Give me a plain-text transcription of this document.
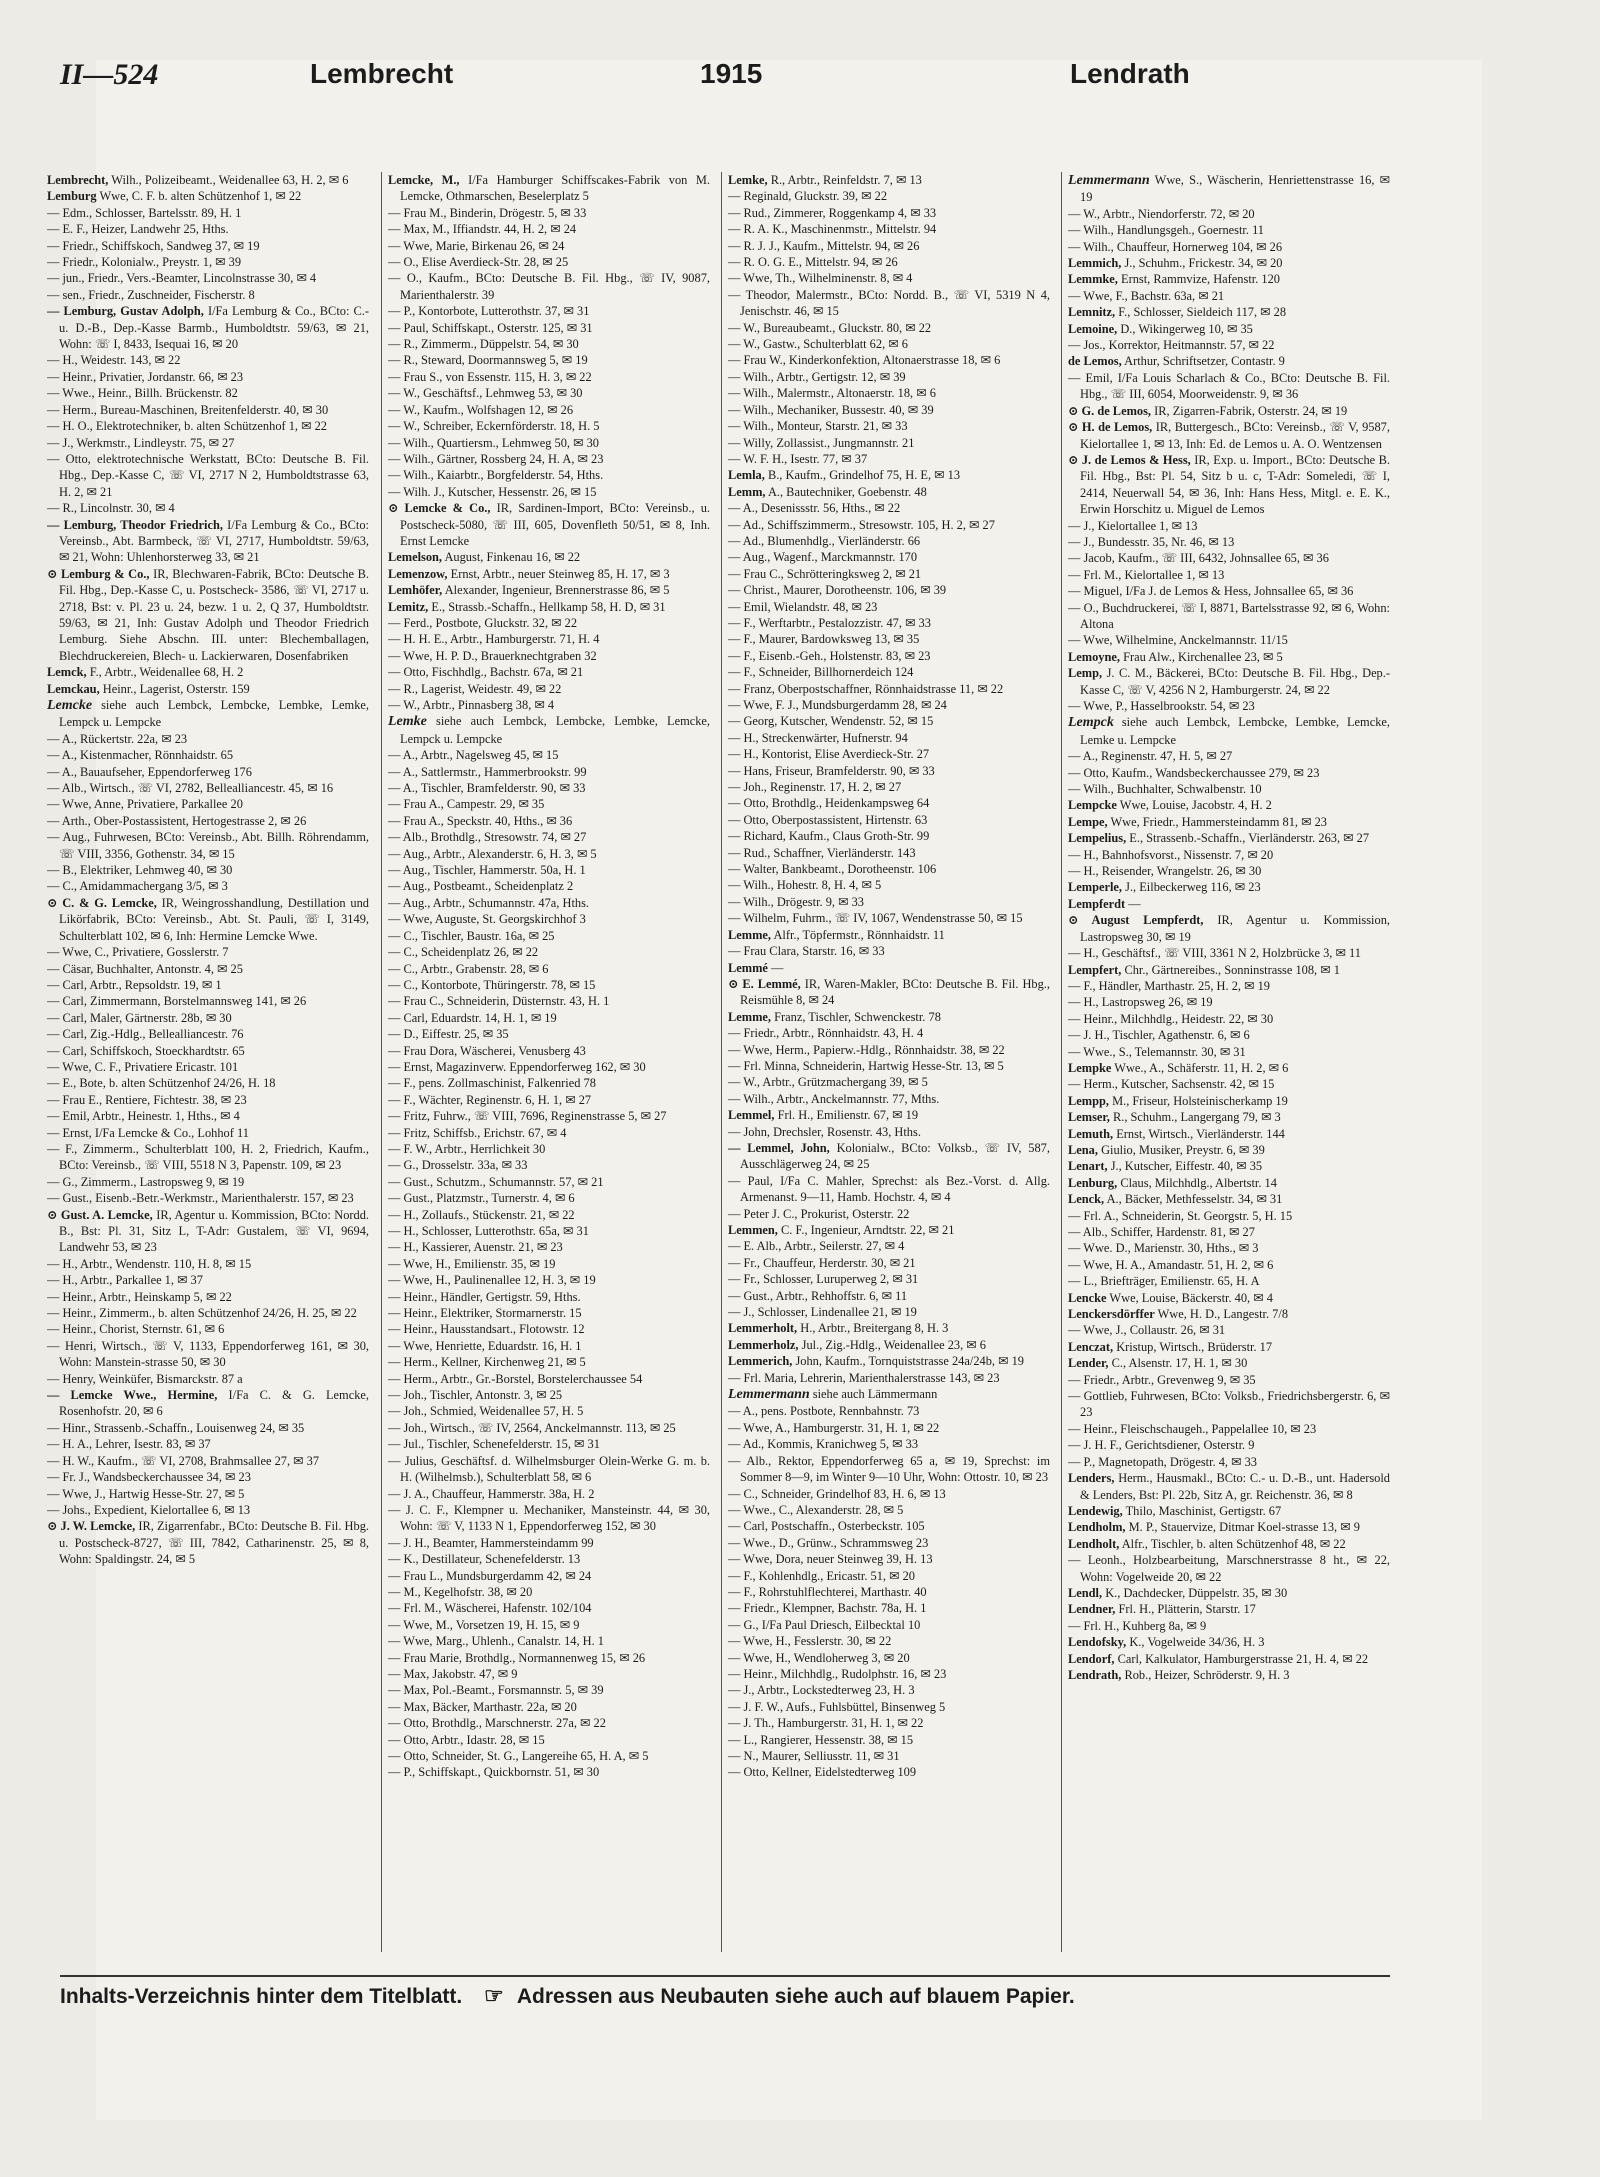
II—524	Lembrecht	1915	Lendrath

Lembrecht, Wilh., Polizeibeamt., Weidenallee 63, H. 2, ✉ 6

Lemburg Wwe, C. F. b. alten Schützenhof 1, ✉ 22

— Edm., Schlosser, Bartelsstr. 89, H. 1

— E. F., Heizer, Landwehr 25, Hths.

— Friedr., Schiffskoch, Sandweg 37, ✉ 19

— Friedr., Kolonialw., Preystr. 1, ✉ 39

— jun., Friedr., Vers.-Beamter, Lincolnstrasse 30, ✉ 4

— sen., Friedr., Zuschneider, Fischerstr. 8

— Lemburg, Gustav Adolph, I/Fa Lemburg & Co., BCto: C.- u. D.-B., Dep.-Kasse Barmb., Humboldtstr. 59/63, ✉ 21, Wohn: ☏ I, 8433, Isequai 16, ✉ 20

— H., Weidestr. 143, ✉ 22

— Heinr., Privatier, Jordanstr. 66, ✉ 23

— Wwe., Heinr., Billh. Brückenstr. 82

— Herm., Bureau-Maschinen, Breitenfelderstr. 40, ✉ 30

— H. O., Elektrotechniker, b. alten Schützenhof 1, ✉ 22

— J., Werkmstr., Lindleystr. 75, ✉ 27

— Otto, elektrotechnische Werkstatt, BCto: Deutsche B. Fil. Hbg., Dep.-Kasse C, ☏ VI, 2717 N 2, Humboldtstrasse 63, H. 2, ✉ 21

— R., Lincolnstr. 30, ✉ 4

— Lemburg, Theodor Friedrich, I/Fa Lemburg & Co., BCto: Vereinsb., Abt. Barmbeck, ☏ VI, 2717, Humboldtstr. 59/63, ✉ 21, Wohn: Uhlenhorsterweg 33, ✉ 21

⊙ Lemburg & Co., IR, Blechwaren-Fabrik, BCto: Deutsche B. Fil. Hbg., Dep.-Kasse C, u. Postscheck- 3586, ☏ VI, 2717 u. 2718, Bst: v. Pl. 23 u. 24, bezw. 1 u. 2, Q 37, Humboldtstr. 59/63, ✉ 21, Inh: Gustav Adolph und Theodor Friedrich Lemburg. Siehe Abschn. III. unter: Blechemballagen, Blechdruckereien, Blech- u. Lackierwaren, Dosenfabriken

Lemck, F., Arbtr., Weidenallee 68, H. 2

Lemckau, Heinr., Lagerist, Osterstr. 159

Lemcke siehe auch Lembck, Lembcke, Lembke, Lemke, Lempck u. Lempcke

— A., Rückertstr. 22a, ✉ 23

— A., Kistenmacher, Rönnhaidstr. 65

— A., Bauaufseher, Eppendorferweg 176

— Alb., Wirtsch., ☏ VI, 2782, Bellealliancestr. 45, ✉ 16

— Wwe, Anne, Privatiere, Parkallee 20

— Arth., Ober-Postassistent, Hertogestrasse 2, ✉ 26

— Aug., Fuhrwesen, BCto: Vereinsb., Abt. Billh. Röhrendamm, ☏ VIII, 3356, Gothenstr. 34, ✉ 15

— B., Elektriker, Lehmweg 40, ✉ 30

— C., Amidammachergang 3/5, ✉ 3

⊙ C. & G. Lemcke, IR, Weingrosshandlung, Destillation und Likörfabrik, BCto: Vereinsb., Abt. St. Pauli, ☏ I, 3149, Schulterblatt 102, ✉ 6, Inh: Hermine Lemcke Wwe.

— Wwe, C., Privatiere, Gosslerstr. 7

— Cäsar, Buchhalter, Antonstr. 4, ✉ 25

— Carl, Arbtr., Repsoldstr. 19, ✉ 1

— Carl, Zimmermann, Borstelmannsweg 141, ✉ 26

— Carl, Maler, Gärtnerstr. 28b, ✉ 30

— Carl, Zig.-Hdlg., Bellealliancestr. 76

— Carl, Schiffskoch, Stoeckhardtstr. 65

— Wwe, C. F., Privatiere Ericastr. 101

— E., Bote, b. alten Schützenhof 24/26, H. 18

— Frau E., Rentiere, Fichtestr. 38, ✉ 23

— Emil, Arbtr., Heinestr. 1, Hths., ✉ 4

— Ernst, I/Fa Lemcke & Co., Lohhof 11

— F., Zimmerm., Schulterblatt 100, H. 2, Friedrich, Kaufm., BCto: Vereinsb., ☏ VIII, 5518 N 3, Papenstr. 109, ✉ 23

— G., Zimmerm., Lastropsweg 9, ✉ 19

— Gust., Eisenb.-Betr.-Werkmstr., Marienthalerstr. 157, ✉ 23

⊙ Gust. A. Lemcke, IR, Agentur u. Kommission, BCto: Nordd. B., Bst: Pl. 31, Sitz L, T-Adr: Gustalem, ☏ VI, 9694, Landwehr 53, ✉ 23

— H., Arbtr., Wendenstr. 110, H. 8, ✉ 15

— H., Arbtr., Parkallee 1, ✉ 37

— Heinr., Arbtr., Heinskamp 5, ✉ 22

— Heinr., Zimmerm., b. alten Schützenhof 24/26, H. 25, ✉ 22

— Heinr., Chorist, Sternstr. 61, ✉ 6

— Henri, Wirtsch., ☏ V, 1133, Eppendorferweg 161, ✉ 30, Wohn: Manstein-strasse 50, ✉ 30

— Henry, Weinküfer, Bismarckstr. 87 a

— Lemcke Wwe., Hermine, I/Fa C. & G. Lemcke, Rosenhofstr. 20, ✉ 6

— Hinr., Strassenb.-Schaffn., Louisenweg 24, ✉ 35

— H. A., Lehrer, Isestr. 83, ✉ 37

— H. W., Kaufm., ☏ VI, 2708, Brahmsallee 27, ✉ 37

— Fr. J., Wandsbeckerchaussee 34, ✉ 23

— Wwe, J., Hartwig Hesse-Str. 27, ✉ 5

— Johs., Expedient, Kielortallee 6, ✉ 13

⊙ J. W. Lemcke, IR, Zigarrenfabr., BCto: Deutsche B. Fil. Hbg. u. Postscheck-8727, ☏ III, 7842, Catharinenstr. 25, ✉ 8, Wohn: Spaldingstr. 24, ✉ 5

Lemcke, M., I/Fa Hamburger Schiffscakes-Fabrik von M. Lemcke, Othmarschen, Beselerplatz 5

— Frau M., Binderin, Drögestr. 5, ✉ 33

— Max, M., Iffiandstr. 44, H. 2, ✉ 24

— Wwe, Marie, Birkenau 26, ✉ 24

— O., Elise Averdieck-Str. 28, ✉ 25

— O., Kaufm., BCto: Deutsche B. Fil. Hbg., ☏ IV, 9087, Marienthalerstr. 39

— P., Kontorbote, Lutterothstr. 37, ✉ 31

— Paul, Schiffskapt., Osterstr. 125, ✉ 31

— R., Zimmerm., Düppelstr. 54, ✉ 30

— R., Steward, Doormannsweg 5, ✉ 19

— Frau S., von Essenstr. 115, H. 3, ✉ 22

— W., Geschäftsf., Lehmweg 53, ✉ 30

— W., Kaufm., Wolfshagen 12, ✉ 26

— W., Schreiber, Eckernförderstr. 18, H. 5

— Wilh., Quartiersm., Lehmweg 50, ✉ 30

— Wilh., Gärtner, Rossberg 24, H. A, ✉ 23

— Wilh., Kaiarbtr., Borgfelderstr. 54, Hths.

— Wilh. J., Kutscher, Hessenstr. 26, ✉ 15

⊙ Lemcke & Co., IR, Sardinen-Import, BCto: Vereinsb., u. Postscheck-5080, ☏ III, 605, Dovenfleth 50/51, ✉ 8, Inh. Ernst Lemcke

Lemelson, August, Finkenau 16, ✉ 22

Lemenzow, Ernst, Arbtr., neuer Steinweg 85, H. 17, ✉ 3

Lemhöfer, Alexander, Ingenieur, Brennerstrasse 86, ✉ 5

Lemitz, E., Strassb.-Schaffn., Hellkamp 58, H. D, ✉ 31

— Ferd., Postbote, Gluckstr. 32, ✉ 22

— H. H. E., Arbtr., Hamburgerstr. 71, H. 4

— Wwe, H. P. D., Brauerknechtgraben 32

— Otto, Fischhdlg., Bachstr. 67a, ✉ 21

— R., Lagerist, Weidestr. 49, ✉ 22

— W., Arbtr., Pinnasberg 38, ✉ 4

Lemke siehe auch Lembck, Lembcke, Lembke, Lemcke, Lempck u. Lempcke

— A., Arbtr., Nagelsweg 45, ✉ 15

— A., Sattlermstr., Hammerbrookstr. 99

— A., Tischler, Bramfelderstr. 90, ✉ 33

— Frau A., Campestr. 29, ✉ 35

— Frau A., Speckstr. 40, Hths., ✉ 36

— Alb., Brothdlg., Stresowstr. 74, ✉ 27

— Aug., Arbtr., Alexanderstr. 6, H. 3, ✉ 5

— Aug., Tischler, Hammerstr. 50a, H. 1

— Aug., Postbeamt., Scheidenplatz 2

— Aug., Arbtr., Schumannstr. 47a, Hths.

— Wwe, Auguste, St. Georgskirchhof 3

— C., Tischler, Baustr. 16a, ✉ 25

— C., Scheidenplatz 26, ✉ 22

— C., Arbtr., Grabenstr. 28, ✉ 6

— C., Kontorbote, Thüringerstr. 78, ✉ 15

— Frau C., Schneiderin, Düsternstr. 43, H. 1

— Carl, Eduardstr. 14, H. 1, ✉ 19

— D., Eiffestr. 25, ✉ 35

— Frau Dora, Wäscherei, Venusberg 43

— Ernst, Magazinverw. Eppendorferweg 162, ✉ 30

— F., pens. Zollmaschinist, Falkenried 78

— F., Wächter, Reginenstr. 6, H. 1, ✉ 27

— Fritz, Fuhrw., ☏ VIII, 7696, Reginenstrasse 5, ✉ 27

— Fritz, Schiffsb., Erichstr. 67, ✉ 4

— F. W., Arbtr., Herrlichkeit 30

— G., Drosselstr. 33a, ✉ 33

— Gust., Schutzm., Schumannstr. 57, ✉ 21

— Gust., Platzmstr., Turnerstr. 4, ✉ 6

— H., Zollaufs., Stückenstr. 21, ✉ 22

— H., Schlosser, Lutterothstr. 65a, ✉ 31

— H., Kassierer, Auenstr. 21, ✉ 23

— Wwe, H., Emilienstr. 35, ✉ 19

— Wwe, H., Paulinenallee 12, H. 3, ✉ 19

— Heinr., Händler, Gertigstr. 59, Hths.

— Heinr., Elektriker, Stormarnerstr. 15

— Heinr., Hausstandsart., Flotowstr. 12

— Wwe, Henriette, Eduardstr. 16, H. 1

— Herm., Kellner, Kirchenweg 21, ✉ 5

— Herm., Arbtr., Gr.-Borstel, Borstelerchaussee 54

— Joh., Tischler, Antonstr. 3, ✉ 25

— Joh., Schmied, Weidenallee 57, H. 5

— Joh., Wirtsch., ☏ IV, 2564, Anckelmannstr. 113, ✉ 25

— Jul., Tischler, Schenefelderstr. 15, ✉ 31

— Julius, Geschäftsf. d. Wilhelmsburger Olein-Werke G. m. b. H. (Wilhelmsb.), Schulterblatt 58, ✉ 6

— J. A., Chauffeur, Hammerstr. 38a, H. 2

— J. C. F., Klempner u. Mechaniker, Mansteinstr. 44, ✉ 30, Wohn: ☏ V, 1133 N 1, Eppendorferweg 152, ✉ 30

— J. H., Beamter, Hammersteindamm 99

— K., Destillateur, Schenefelderstr. 13

— Frau L., Mundsburgerdamm 42, ✉ 24

— M., Kegelhofstr. 38, ✉ 20

— Frl. M., Wäscherei, Hafenstr. 102/104

— Wwe, M., Vorsetzen 19, H. 15, ✉ 9

— Wwe, Marg., Uhlenh., Canalstr. 14, H. 1

— Frau Marie, Brothdlg., Normannenweg 15, ✉ 26

— Max, Jakobstr. 47, ✉ 9

— Max, Pol.-Beamt., Forsmannstr. 5, ✉ 39

— Max, Bäcker, Marthastr. 22a, ✉ 20

— Otto, Brothdlg., Marschnerstr. 27a, ✉ 22

— Otto, Arbtr., Idastr. 28, ✉ 15

— Otto, Schneider, St. G., Langereihe 65, H. A, ✉ 5

— P., Schiffskapt., Quickbornstr. 51, ✉ 30

Lemke, R., Arbtr., Reinfeldstr. 7, ✉ 13

— Reginald, Gluckstr. 39, ✉ 22

— Rud., Zimmerer, Roggenkamp 4, ✉ 33

— R. A. K., Maschinenmstr., Mittelstr. 94

— R. J. J., Kaufm., Mittelstr. 94, ✉ 26

— R. O. G. E., Mittelstr. 94, ✉ 26

— Wwe, Th., Wilhelminenstr. 8, ✉ 4

— Theodor, Malermstr., BCto: Nordd. B., ☏ VI, 5319 N 4, Jenischstr. 46, ✉ 15

— W., Bureaubeamt., Gluckstr. 80, ✉ 22

— W., Gastw., Schulterblatt 62, ✉ 6

— Frau W., Kinderkonfektion, Altonaerstrasse 18, ✉ 6

— Wilh., Arbtr., Gertigstr. 12, ✉ 39

— Wilh., Malermstr., Altonaerstr. 18, ✉ 6

— Wilh., Mechaniker, Bussestr. 40, ✉ 39

— Wilh., Monteur, Starstr. 21, ✉ 33

— Willy, Zollassist., Jungmannstr. 21

— W. F. H., Isestr. 77, ✉ 37

Lemla, B., Kaufm., Grindelhof 75, H. E, ✉ 13

Lemm, A., Bautechniker, Goebenstr. 48

— A., Desenissstr. 56, Hths., ✉ 22

— Ad., Schiffszimmerm., Stresowstr. 105, H. 2, ✉ 27

— Ad., Blumenhdlg., Vierländerstr. 66

— Aug., Wagenf., Marckmannstr. 170

— Frau C., Schrötteringksweg 2, ✉ 21

— Christ., Maurer, Dorotheenstr. 106, ✉ 39

— Emil, Wielandstr. 48, ✉ 23

— F., Werftarbtr., Pestalozzistr. 47, ✉ 33

— F., Maurer, Bardowksweg 13, ✉ 35

— F., Eisenb.-Geh., Holstenstr. 83, ✉ 23

— F., Schneider, Billhornerdeich 124

— Franz, Oberpostschaffner, Rönnhaidstrasse 11, ✉ 22

— Wwe, F. J., Mundsburgerdamm 28, ✉ 24

— Georg, Kutscher, Wendenstr. 52, ✉ 15

— H., Streckenwärter, Hufnerstr. 94

— H., Kontorist, Elise Averdieck-Str. 27

— Hans, Friseur, Bramfelderstr. 90, ✉ 33

— Joh., Reginenstr. 17, H. 2, ✉ 27

— Otto, Brothdlg., Heidenkampsweg 64

— Otto, Oberpostassistent, Hirtenstr. 63

— Richard, Kaufm., Claus Groth-Str. 99

— Rud., Schaffner, Vierländerstr. 143

— Walter, Bankbeamt., Dorotheenstr. 106

— Wilh., Hohestr. 8, H. 4, ✉ 5

— Wilh., Drögestr. 9, ✉ 33

— Wilhelm, Fuhrm., ☏ IV, 1067, Wendenstrasse 50, ✉ 15

Lemme, Alfr., Töpfermstr., Rönnhaidstr. 11

— Frau Clara, Starstr. 16, ✉ 33

Lemmé —

⊙ E. Lemmé, IR, Waren-Makler, BCto: Deutsche B. Fil. Hbg., Reismühle 8, ✉ 24

Lemme, Franz, Tischler, Schwenckestr. 78

— Friedr., Arbtr., Rönnhaidstr. 43, H. 4

— Wwe, Herm., Papierw.-Hdlg., Rönnhaidstr. 38, ✉ 22

— Frl. Minna, Schneiderin, Hartwig Hesse-Str. 13, ✉ 5

— W., Arbtr., Grützmachergang 39, ✉ 5

— Wilh., Arbtr., Anckelmannstr. 77, Mths.

Lemmel, Frl. H., Emilienstr. 67, ✉ 19

— John, Drechsler, Rosenstr. 43, Hths.

— Lemmel, John, Kolonialw., BCto: Volksb., ☏ IV, 587, Ausschlägerweg 24, ✉ 25

— Paul, I/Fa C. Mahler, Sprechst: als Bez.-Vorst. d. Allg. Armenanst. 9—11, Hamb. Hochstr. 4, ✉ 4

— Peter J. C., Prokurist, Osterstr. 22

Lemmen, C. F., Ingenieur, Arndtstr. 22, ✉ 21

— E. Alb., Arbtr., Seilerstr. 27, ✉ 4

— Fr., Chauffeur, Herderstr. 30, ✉ 21

— Fr., Schlosser, Luruperweg 2, ✉ 31

— Gust., Arbtr., Rehhoffstr. 6, ✉ 11

— J., Schlosser, Lindenallee 21, ✉ 19

Lemmerholt, H., Arbtr., Breitergang 8, H. 3

Lemmerholz, Jul., Zig.-Hdlg., Weidenallee 23, ✉ 6

Lemmerich, John, Kaufm., Tornquiststrasse 24a/24b, ✉ 19

— Frl. Maria, Lehrerin, Marienthalerstrasse 143, ✉ 23

Lemmermann siehe auch Lämmermann

— A., pens. Postbote, Rennbahnstr. 73

— Wwe, A., Hamburgerstr. 31, H. 1, ✉ 22

— Ad., Kommis, Kranichweg 5, ✉ 33

— Alb., Rektor, Eppendorferweg 65 a, ✉ 19, Sprechst: im Sommer 8—9, im Winter 9—10 Uhr, Wohn: Ottostr. 10, ✉ 23

— C., Schneider, Grindelhof 83, H. 6, ✉ 13

— Wwe., C., Alexanderstr. 28, ✉ 5

— Carl, Postschaffn., Osterbeckstr. 105

— Wwe., D., Grünw., Schrammsweg 23

— Wwe, Dora, neuer Steinweg 39, H. 13

— F., Kohlenhdlg., Ericastr. 51, ✉ 20

— F., Rohrstuhlflechterei, Marthastr. 40

— Friedr., Klempner, Bachstr. 78a, H. 1

— G., I/Fa Paul Driesch, Eilbecktal 10

— Wwe, H., Fesslerstr. 30, ✉ 22

— Wwe, H., Wendloherweg 3, ✉ 20

— Heinr., Milchhdlg., Rudolphstr. 16, ✉ 23

— J., Arbtr., Lockstedterweg 23, H. 3

— J. F. W., Aufs., Fuhlsbüttel, Binsenweg 5

— J. Th., Hamburgerstr. 31, H. 1, ✉ 22

— L., Rangierer, Hessenstr. 38, ✉ 15

— N., Maurer, Selliusstr. 11, ✉ 31

— Otto, Kellner, Eidelstedterweg 109

Lemmermann Wwe, S., Wäscherin, Henriettenstrasse 16, ✉ 19

— W., Arbtr., Niendorferstr. 72, ✉ 20

— Wilh., Handlungsgeh., Goernestr. 11

— Wilh., Chauffeur, Hornerweg 104, ✉ 26

Lemmich, J., Schuhm., Frickestr. 34, ✉ 20

Lemmke, Ernst, Rammvize, Hafenstr. 120

— Wwe, F., Bachstr. 63a, ✉ 21

Lemnitz, F., Schlosser, Sieldeich 117, ✉ 28

Lemoine, D., Wikingerweg 10, ✉ 35

— Jos., Korrektor, Heitmannstr. 57, ✉ 22

de Lemos, Arthur, Schriftsetzer, Contastr. 9

— Emil, I/Fa Louis Scharlach & Co., BCto: Deutsche B. Fil. Hbg., ☏ III, 6054, Moorweidenstr. 9, ✉ 36

⊙ G. de Lemos, IR, Zigarren-Fabrik, Osterstr. 24, ✉ 19

⊙ H. de Lemos, IR, Buttergesch., BCto: Vereinsb., ☏ V, 9587, Kielortallee 1, ✉ 13, Inh: Ed. de Lemos u. A. O. Wentzensen

⊙ J. de Lemos & Hess, IR, Exp. u. Import., BCto: Deutsche B. Fil. Hbg., Bst: Pl. 54, Sitz b u. c, T-Adr: Someledi, ☏ I, 2414, Neuerwall 54, ✉ 36, Inh: Hans Hess, Mitgl. e. E. K., Erwin Horschitz u. Miguel de Lemos

— J., Kielortallee 1, ✉ 13

— J., Bundesstr. 35, Nr. 46, ✉ 13

— Jacob, Kaufm., ☏ III, 6432, Johnsallee 65, ✉ 36

— Frl. M., Kielortallee 1, ✉ 13

— Miguel, I/Fa J. de Lemos & Hess, Johnsallee 65, ✉ 36

— O., Buchdruckerei, ☏ I, 8871, Bartelsstrasse 92, ✉ 6, Wohn: Altona

— Wwe, Wilhelmine, Anckelmannstr. 11/15

Lemoyne, Frau Alw., Kirchenallee 23, ✉ 5

Lemp, J. C. M., Bäckerei, BCto: Deutsche B. Fil. Hbg., Dep.-Kasse C, ☏ V, 4256 N 2, Hamburgerstr. 24, ✉ 22

— Wwe, P., Hasselbrookstr. 54, ✉ 23

Lempck siehe auch Lembck, Lembcke, Lembke, Lemcke, Lemke u. Lempcke

— A., Reginenstr. 47, H. 5, ✉ 27

— Otto, Kaufm., Wandsbeckerchaussee 279, ✉ 23

— Wilh., Buchhalter, Schwalbenstr. 10

Lempcke Wwe, Louise, Jacobstr. 4, H. 2

Lempe, Wwe, Friedr., Hammersteindamm 81, ✉ 23

Lempelius, E., Strassenb.-Schaffn., Vierländerstr. 263, ✉ 27

— H., Bahnhofsvorst., Nissenstr. 7, ✉ 20

— H., Reisender, Wrangelstr. 26, ✉ 30

Lemperle, J., Eilbeckerweg 116, ✉ 23

Lempferdt —

⊙ August Lempferdt, IR, Agentur u. Kommission, Lastropsweg 30, ✉ 19

— H., Geschäftsf., ☏ VIII, 3361 N 2, Holzbrücke 3, ✉ 11

Lempfert, Chr., Gärtnereibes., Sonninstrasse 108, ✉ 1

— F., Händler, Marthastr. 25, H. 2, ✉ 19

— H., Lastropsweg 26, ✉ 19

— Heinr., Milchhdlg., Heidestr. 22, ✉ 30

— J. H., Tischler, Agathenstr. 6, ✉ 6

— Wwe., S., Telemannstr. 30, ✉ 31

Lempke Wwe., A., Schäferstr. 11, H. 2, ✉ 6

— Herm., Kutscher, Sachsenstr. 42, ✉ 15

Lempp, M., Friseur, Holsteinischerkamp 19

Lemser, R., Schuhm., Langergang 79, ✉ 3

Lemuth, Ernst, Wirtsch., Vierländerstr. 144

Lena, Giulio, Musiker, Preystr. 6, ✉ 39

Lenart, J., Kutscher, Eiffestr. 40, ✉ 35

Lenburg, Claus, Milchhdlg., Albertstr. 14

Lenck, A., Bäcker, Methfesselstr. 34, ✉ 31

— Frl. A., Schneiderin, St. Georgstr. 5, H. 15

— Alb., Schiffer, Hardenstr. 81, ✉ 27

— Wwe. D., Marienstr. 30, Hths., ✉ 3

— Wwe, H. A., Amandastr. 51, H. 2, ✉ 6

— L., Briefträger, Emilienstr. 65, H. A

Lencke Wwe, Louise, Bäckerstr. 40, ✉ 4

Lenckersdörffer Wwe, H. D., Langestr. 7/8

— Wwe, J., Collaustr. 26, ✉ 31

Lenczat, Kristup, Wirtsch., Brüderstr. 17

Lender, C., Alsenstr. 17, H. 1, ✉ 30

— Friedr., Arbtr., Grevenweg 9, ✉ 35

— Gottlieb, Fuhrwesen, BCto: Volksb., Friedrichsbergerstr. 6, ✉ 23

— Heinr., Fleischschaugeh., Pappelallee 10, ✉ 23

— J. H. F., Gerichtsdiener, Osterstr. 9

— P., Magnetopath, Drögestr. 4, ✉ 33

Lenders, Herm., Hausmakl., BCto: C.- u. D.-B., unt. Hadersold & Lenders, Bst: Pl. 22b, Sitz A, gr. Reichenstr. 36, ✉ 8

Lendewig, Thilo, Maschinist, Gertigstr. 67

Lendholm, M. P., Stauervize, Ditmar Koel-strasse 13, ✉ 9

Lendholt, Alfr., Tischler, b. alten Schützenhof 48, ✉ 22

— Leonh., Holzbearbeitung, Marschnerstrasse 8 ht., ✉ 22, Wohn: Vogelweide 20, ✉ 22

Lendl, K., Dachdecker, Düppelstr. 35, ✉ 30

Lendner, Frl. H., Plätterin, Starstr. 17

— Frl. H., Kuhberg 8a, ✉ 9

Lendofsky, K., Vogelweide 34/36, H. 3

Lendorf, Carl, Kalkulator, Hamburgerstrasse 21, H. 4, ✉ 22

Lendrath, Rob., Heizer, Schröderstr. 9, H. 3

Inhalts-Verzeichnis hinter dem Titelblatt. ☞ Adressen aus Neubauten siehe auch auf blauem Papier.
